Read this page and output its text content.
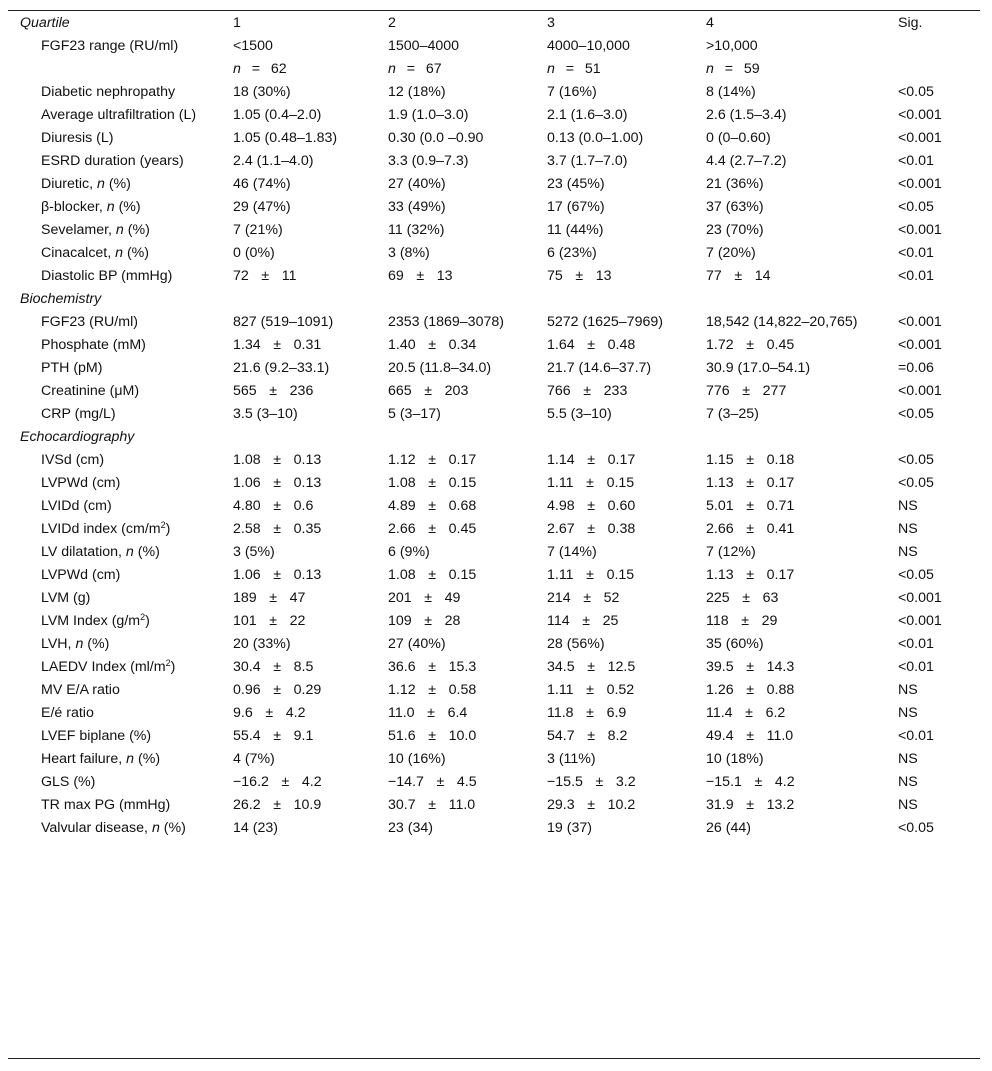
Quartile	1	2	3	4	Sig.
FGF23 range (RU/ml)	<1500	1500–4000	4000–10,000	>10,000	
	n = 62	n = 67	n = 51	n = 59	
Diabetic nephropathy	18 (30%)	12 (18%)	7 (16%)	8 (14%)	<0.05
Average ultrafiltration (L)	1.05 (0.4–2.0)	1.9 (1.0–3.0)	2.1 (1.6–3.0)	2.6 (1.5–3.4)	<0.001
Diuresis (L)	1.05 (0.48–1.83)	0.30 (0.0 –0.90	0.13 (0.0–1.00)	0 (0–0.60)	<0.001
ESRD duration (years)	2.4 (1.1–4.0)	3.3 (0.9–7.3)	3.7 (1.7–7.0)	4.4 (2.7–7.2)	<0.01
Diuretic, n (%)	46 (74%)	27 (40%)	23 (45%)	21 (36%)	<0.001
β-blocker, n (%)	29 (47%)	33 (49%)	17 (67%)	37 (63%)	<0.05
Sevelamer, n (%)	7 (21%)	11 (32%)	11 (44%)	23 (70%)	<0.001
Cinacalcet, n (%)	0 (0%)	3 (8%)	6 (23%)	7 (20%)	<0.01
Diastolic BP (mmHg)	72 ± 11	69 ± 13	75 ± 13	77 ± 14	<0.01
Biochemistry					
FGF23 (RU/ml)	827 (519–1091)	2353 (1869–3078)	5272 (1625–7969)	18,542 (14,822–20,765)	<0.001
Phosphate (mM)	1.34 ± 0.31	1.40 ± 0.34	1.64 ± 0.48	1.72 ± 0.45	<0.001
PTH (pM)	21.6 (9.2–33.1)	20.5 (11.8–34.0)	21.7 (14.6–37.7)	30.9 (17.0–54.1)	=0.06
Creatinine (μM)	565 ± 236	665 ± 203	766 ± 233	776 ± 277	<0.001
CRP (mg/L)	3.5 (3–10)	5 (3–17)	5.5 (3–10)	7 (3–25)	<0.05
Echocardiography					
IVSd (cm)	1.08 ± 0.13	1.12 ± 0.17	1.14 ± 0.17	1.15 ± 0.18	<0.05
LVPWd (cm)	1.06 ± 0.13	1.08 ± 0.15	1.11 ± 0.15	1.13 ± 0.17	<0.05
LVIDd (cm)	4.80 ± 0.6	4.89 ± 0.68	4.98 ± 0.60	5.01 ± 0.71	NS
LVIDd index $(cm/m^2)$	2.58 ± 0.35	2.66 ± 0.45	2.67 ± 0.38	2.66 ± 0.41	NS
LV dilatation, n (%)	3 (5%)	6 (9%)	7 (14%)	7 (12%)	NS
LVPWd (cm)	1.06 ± 0.13	1.08 ± 0.15	1.11 ± 0.15	1.13 ± 0.17	<0.05
LVM (g)	189 ± 47	201 ± 49	214 ± 52	225 ± 63	<0.001
LVM Index $(g/m^2)$	101 ± 22	109 ± 28	114 ± 25	118 ± 29	<0.001
LVH, n (%)	20 (33%)	27 (40%)	28 (56%)	35 (60%)	<0.01
LAEDV Index $(ml/m^2)$	30.4 ± 8.5	36.6 ± 15.3	34.5 ± 12.5	39.5 ± 14.3	<0.01
MV E/A ratio	0.96 ± 0.29	1.12 ± 0.58	1.11 ± 0.52	1.26 ± 0.88	NS
E/é ratio	9.6 ± 4.2	11.0 ± 6.4	11.8 ± 6.9	11.4 ± 6.2	NS
LVEF biplane (%)	55.4 ± 9.1	51.6 ± 10.0	54.7 ± 8.2	49.4 ± 11.0	<0.01
Heart failure, n (%)	4 (7%)	10 (16%)	3 (11%)	10 (18%)	NS
GLS (%)	−16.2 ± 4.2	−14.7 ± 4.5	−15.5 ± 3.2	−15.1 ± 4.2	NS
TR max PG (mmHg)	26.2 ± 10.9	30.7 ± 11.0	29.3 ± 10.2	31.9 ± 13.2	NS
Valvular disease, n (%)	14 (23)	23 (34)	19 (37)	26 (44)	<0.05
